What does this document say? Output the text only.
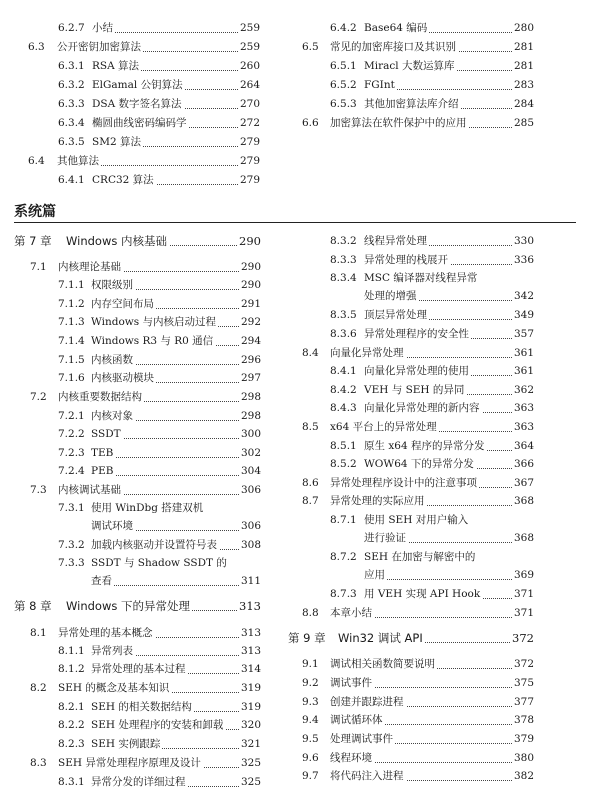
6.2.7 小结	259
6.3 公开密钥加密算法	259
6.3.1 RSA 算法	260
6.3.2 ElGamal 公钥算法	264
6.3.3 DSA 数字签名算法	270
6.3.4 椭圆曲线密码编码学	272
6.3.5 SM2 算法	279
6.4 其他算法	279
6.4.1 CRC32 算法	279
6.4.2 Base64 编码	280
6.5 常见的加密库接口及其识别	281
6.5.1 Miracl 大数运算库	281
6.5.2 FGInt	283
6.5.3 其他加密算法库介绍	284
6.6 加密算法在软件保护中的应用	285
系统篇
第 7 章 Windows 内核基础	290
7.1 内核理论基础	290
7.1.1 权限级别	290
7.1.2 内存空间布局	291
7.1.3 Windows 与内核启动过程 292
7.1.4 Windows R3 与 R0 通信	294
7.1.5 内核函数	296
7.1.6 内核驱动模块	297
7.2 内核重要数据结构	298
7.2.1 内核对象	298
7.2.2 SSDT	300
7.2.3 TEB	302
7.2.4 PEB	304
7.3 内核调试基础	306
7.3.1 使用 WinDbg 搭建双机
调试环境	306
7.3.2 加载内核驱动并设置符号表 308
7.3.3 SSDT 与 Shadow SSDT 的
查看	311
第 8 章 Windows 下的异常处理	313
8.1 异常处理的基本概念	313
8.1.1 异常列表	313
8.1.2 异常处理的基本过程	314
8.2 SEH 的概念及基本知识	319
8.2.1 SEH 的相关数据结构	319
8.2.2 SEH 处理程序的安装和卸载 320
8.2.3 SEH 实例跟踪	321
8.3 SEH 异常处理程序原理及设计	325
8.3.1 异常分发的详细过程	325
8.3.2 线程异常处理	330
8.3.3 异常处理的栈展开	336
8.3.4 MSC 编译器对线程异常
处理的增强	342
8.3.5 顶层异常处理	349
8.3.6 异常处理程序的安全性	357
8.4 向量化异常处理	361
8.4.1 向量化异常处理的使用	361
8.4.2 VEH 与 SEH 的异同	362
8.4.3 向量化异常处理的新内容	363
8.5 x64 平台上的异常处理	363
8.5.1 原生 x64 程序的异常分发	364
8.5.2 WOW64 下的异常分发	366
8.6 异常处理程序设计中的注意事项	367
8.7 异常处理的实际应用	368
8.7.1 使用 SEH 对用户输入
进行验证	368
8.7.2 SEH 在加密与解密中的
应用	369
8.7.3 用 VEH 实现 API Hook	371
8.8 本章小结	371
第 9 章 Win32 调试 API	372
9.1 调试相关函数简要说明	372
9.2 调试事件	375
9.3 创建并跟踪进程	377
9.4 调试循环体	378
9.5 处理调试事件	379
9.6 线程环境	380
9.7 将代码注入进程	382
